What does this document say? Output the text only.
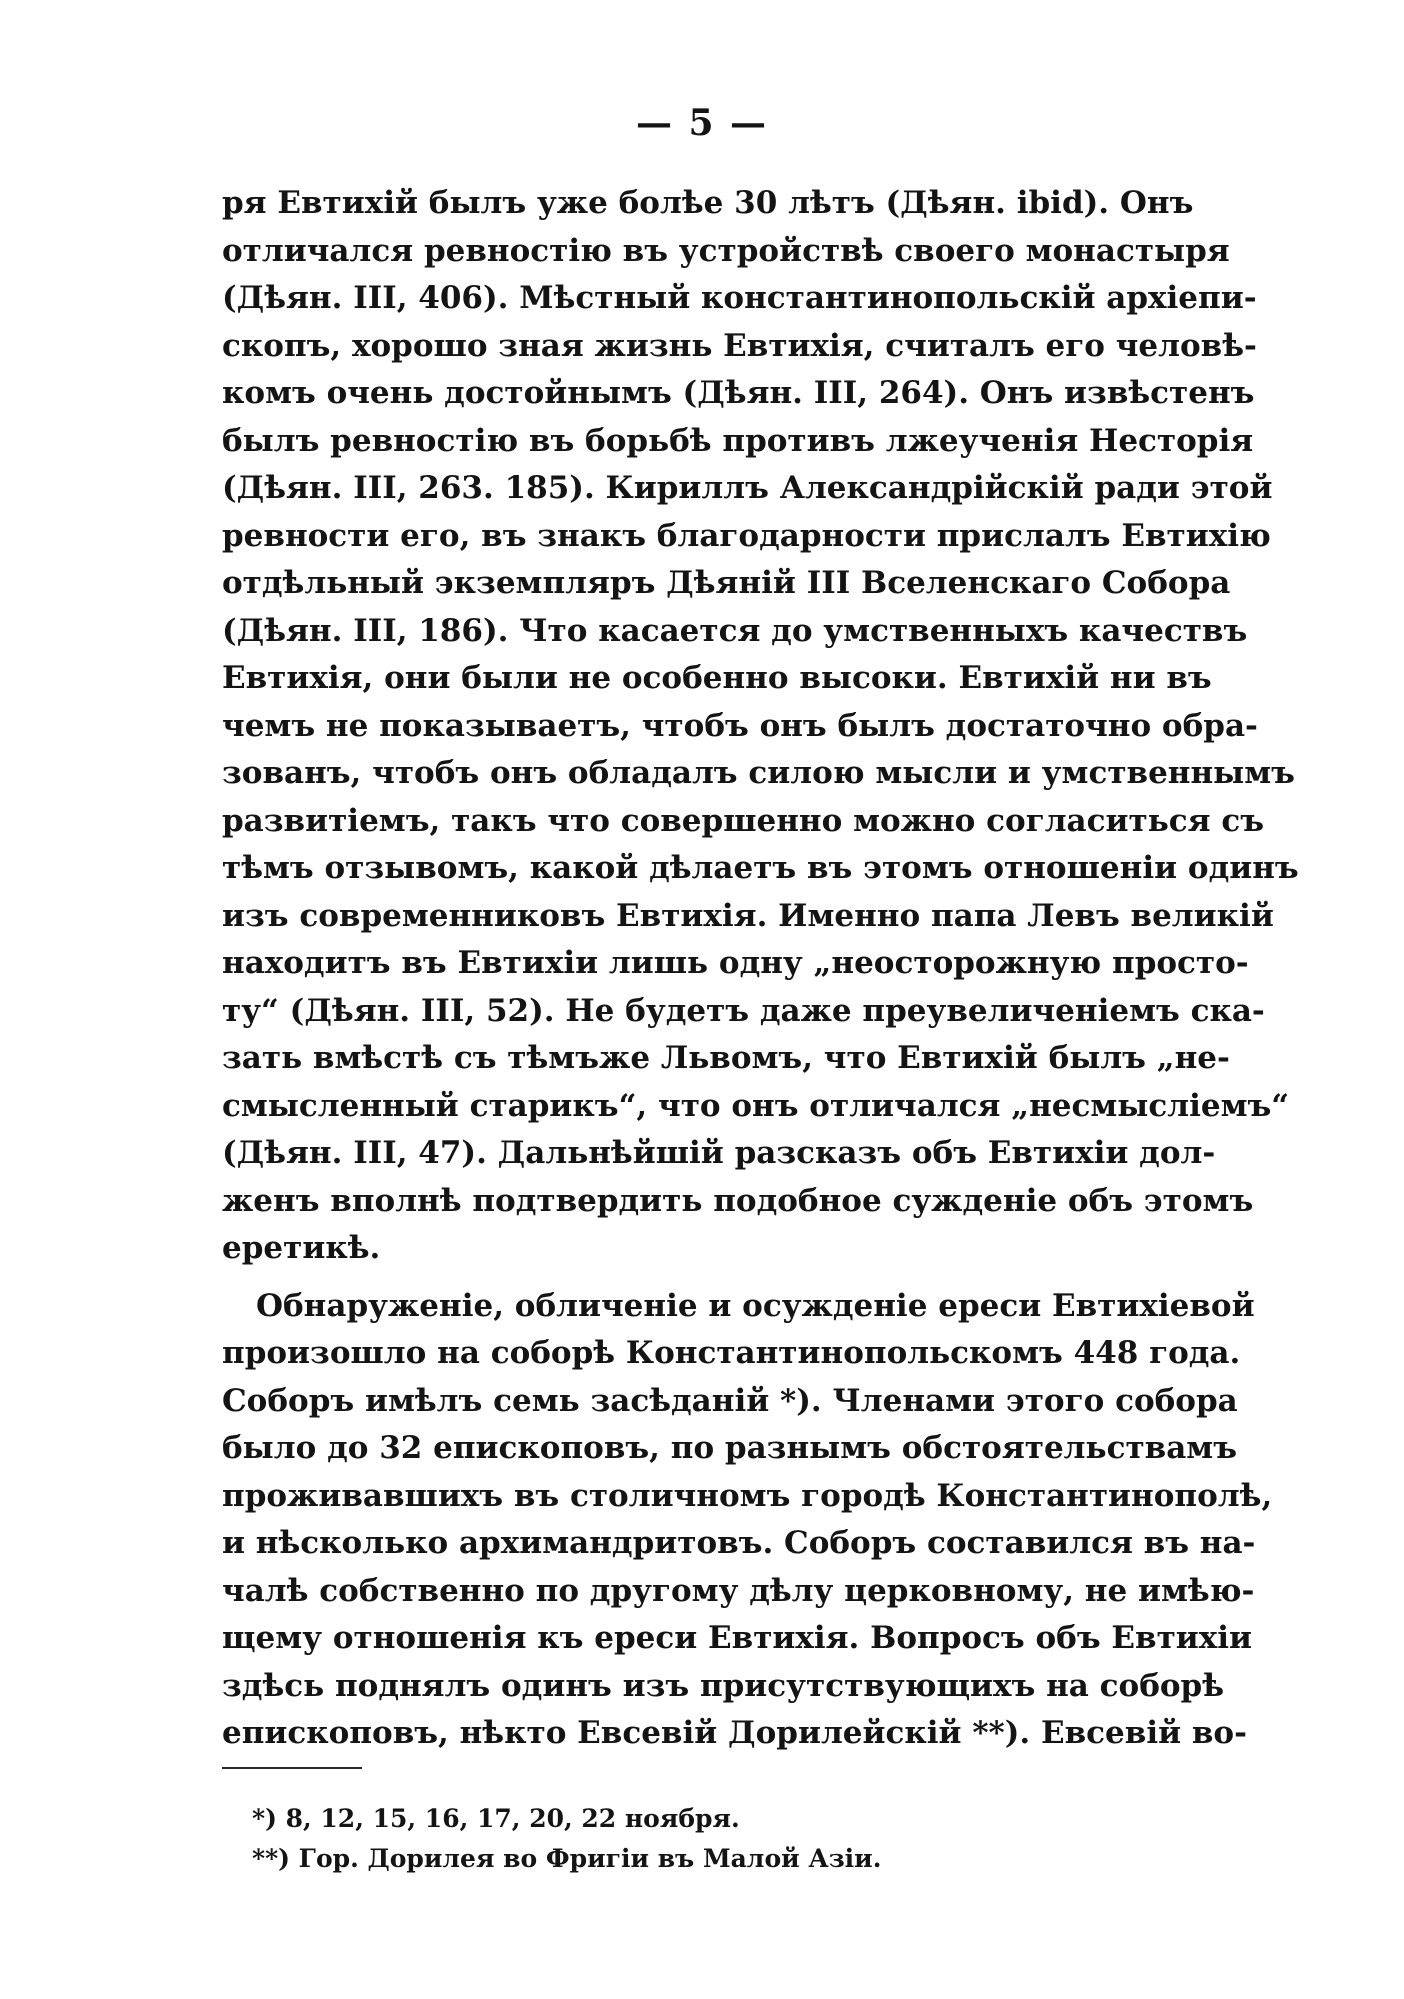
— 5 —
ря Евтихій былъ уже болѣе 30 лѣтъ (Дѣян. ibid). Онъ
отличался ревностію въ устройствѣ своего монастыря
(Дѣян. III, 406). Мѣстный константинопольскій архіепи-
скопъ, хорошо зная жизнь Евтихія, считалъ его человѣ-
комъ очень достойнымъ (Дѣян. III, 264). Онъ извѣстенъ
былъ ревностію въ борьбѣ противъ лжеученія Несторія
(Дѣян. III, 263. 185). Кириллъ Александрійскій ради этой
ревности его, въ знакъ благодарности прислалъ Евтихію
отдѣльный экземпляръ Дѣяній III Вселенскаго Собора
(Дѣян. III, 186). Что касается до умственныхъ качествъ
Евтихія, они были не особенно высоки. Евтихій ни въ
чемъ не показываетъ, чтобъ онъ былъ достаточно обра-
зованъ, чтобъ онъ обладалъ силою мысли и умственнымъ
развитіемъ, такъ что совершенно можно согласиться съ
тѣмъ отзывомъ, какой дѣлаетъ въ этомъ отношеніи одинъ
изъ современниковъ Евтихія. Именно папа Левъ великій
находитъ въ Евтихіи лишь одну „неосторожную просто-
ту“ (Дѣян. III, 52). Не будетъ даже преувеличеніемъ ска-
зать вмѣстѣ съ тѣмъже Львомъ, что Евтихій былъ „не-
смысленный старикъ“, что онъ отличался „несмысліемъ“
(Дѣян. III, 47). Дальнѣйшій разсказъ объ Евтихіи дол-
женъ вполнѣ подтвердить подобное сужденіе объ этомъ
еретикѣ.
Обнаруженіе, обличеніе и осужденіе ереси Евтихіевой
произошло на соборѣ Константинопольскомъ 448 года.
Соборъ имѣлъ семь засѣданій *). Членами этого собора
было до 32 епископовъ, по разнымъ обстоятельствамъ
проживавшихъ въ столичномъ городѣ Константинополѣ,
и нѣсколько архимандритовъ. Соборъ составился въ на-
чалѣ собственно по другому дѣлу церковному, не имѣю-
щему отношенія къ ереси Евтихія. Вопросъ объ Евтихіи
здѣсь поднялъ одинъ изъ присутствующихъ на соборѣ
епископовъ, нѣкто Евсевій Дорилейскій **). Евсевій во-
*) 8, 12, 15, 16, 17, 20, 22 ноября.
**) Гор. Дорилея во Фригіи въ Малой Азіи.
